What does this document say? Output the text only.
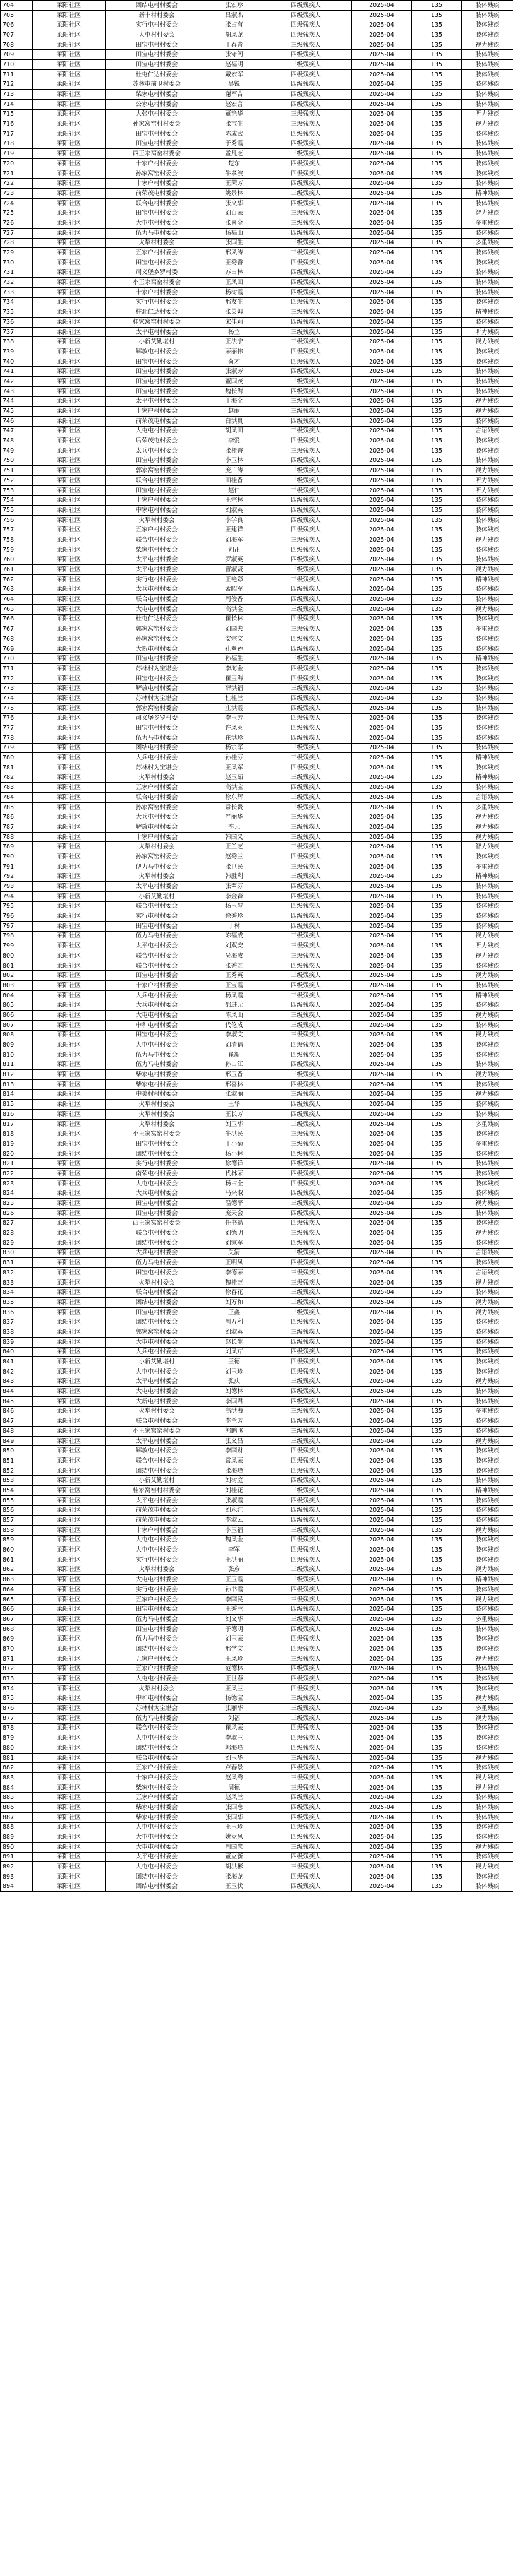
704	莱阳社区	团结屯村村委会	张宏珍	四级残疾人	2025-04	135	肢体残疾
705	莱阳社区	新丰村村委会	吕淑杰	四级残疾人	2025-04	135	肢体残疾
706	莱阳社区	实行屯村村委会	张占有	四级残疾人	2025-04	135	肢体残疾
707	莱阳社区	大屯村村委会	胡凤龙	四级残疾人	2025-04	135	肢体残疾
708	莱阳社区	田宝屯村村委会	于春青	三级残疾人	2025-04	135	视力残疾
709	莱阳社区	田宝屯村村委会	张守阁	四级残疾人	2025-04	135	肢体残疾
710	莱阳社区	田宝屯村村委会	赵福明	三级残疾人	2025-04	135	肢体残疾
711	莱阳社区	杜屯仁达村委会	戴宏军	四级残疾人	2025-04	135	肢体残疾
712	莱阳社区	苏林屯前卫村委会	吴锐	四级残疾人	2025-04	135	肢体残疾
713	莱阳社区	柴家屯村村委会	谢军吉	四级残疾人	2025-04	135	肢体残疾
714	莱阳社区	公家屯村村委会	赵宏言	四级残疾人	2025-04	135	肢体残疾
715	莱阳社区	大张屯村村委会	董艳华	三级残疾人	2025-04	135	听力残疾
716	莱阳社区	孙家窝窑村村委会	张宝生	三级残疾人	2025-04	135	视力残疾
717	莱阳社区	田宝屯村村委会	陈成武	四级残疾人	2025-04	135	肢体残疾
718	莱阳社区	田宝屯村村委会	于秀霞	四级残疾人	2025-04	135	肢体残疾
719	莱阳社区	西王家窝窑村委会	孟凡芝	三级残疾人	2025-04	135	肢体残疾
720	莱阳社区	十家户村村委会	楚东	四级残疾人	2025-04	135	肢体残疾
721	莱阳社区	孙家窝窑村委会	牛孝波	四级残疾人	2025-04	135	肢体残疾
722	莱阳社区	十家户村村委会	王荣芳	四级残疾人	2025-04	135	肢体残疾
723	莱阳社区	前荣茂屯村委会	姚景林	三级残疾人	2025-04	135	精神残疾
724	莱阳社区	联合屯村村委会	张文华	四级残疾人	2025-04	135	肢体残疾
725	莱阳社区	田宝屯村村委会	刘百荣	三级残疾人	2025-04	135	智力残疾
726	莱阳社区	大屯屯村村委会	张喜金	三级残疾人	2025-04	135	多重残疾
727	莱阳社区	伍力马屯村委会	杨福山	四级残疾人	2025-04	135	肢体残疾
728	莱阳社区	火犁村村委会	张国生	三级残疾人	2025-04	135	多重残疾
729	莱阳社区	五家户村村委会	邢风涛	三级残疾人	2025-04	135	肢体残疾
730	莱阳社区	田宝屯村村委会	王秀香	四级残疾人	2025-04	135	肢体残疾
731	莱阳社区	司义堡乡罗村委	苏占林	四级残疾人	2025-04	135	肢体残疾
732	莱阳社区	小王家窝窑村委会	王凤田	四级残疾人	2025-04	135	肢体残疾
733	莱阳社区	十家户村村委会	杨树霞	四级残疾人	2025-04	135	肢体残疾
734	莱阳社区	实行屯村村委会	邢友生	四级残疾人	2025-04	135	肢体残疾
735	莱阳社区	柱北仁达村委会	张英姆	三级残疾人	2025-04	135	精神残疾
736	莱阳社区	桂家窝窑村村委会	宋佳莉	四级残疾人	2025-04	135	肢体残疾
737	莱阳社区	太平屯村村委会	杨立	三级残疾人	2025-04	135	听力残疾
738	莱阳社区	小新艾勤堪村	王法宁	三级残疾人	2025-04	135	视力残疾
739	莱阳社区	解放屯村村委会	荣丽伟	四级残疾人	2025-04	135	肢体残疾
740	莱阳社区	田宝屯村村委会	荷才	四级残疾人	2025-04	135	肢体残疾
741	莱阳社区	田宝屯村村委会	张淑芳	四级残疾人	2025-04	135	肢体残疾
742	莱阳社区	田宝屯村村委会	董国茂	三级残疾人	2025-04	135	肢体残疾
743	莱阳社区	田宝屯村村委会	魏长海	四级残疾人	2025-04	135	肢体残疾
744	莱阳社区	太平屯村村委会	于海全	三级残疾人	2025-04	135	视力残疾
745	莱阳社区	十家户村村委会	赵丽	三级残疾人	2025-04	135	视力残疾
746	莱阳社区	前荣茂屯村委会	白洪贵	四级残疾人	2025-04	135	肢体残疾
747	莱阳社区	大屯屯村村委会	胡凤田	三级残疾人	2025-04	135	言语残疾
748	莱阳社区	后荣茂屯村委会	李爱	四级残疾人	2025-04	135	肢体残疾
749	莱阳社区	太兵屯村村委会	张桂香	三级残疾人	2025-04	135	肢体残疾
750	莱阳社区	田宝屯村村委会	李玉林	四级残疾人	2025-04	135	肢体残疾
751	莱阳社区	郭家窝窑村委会	庞广涛	三级残疾人	2025-04	135	视力残疾
752	莱阳社区	联合屯村村委会	田桂香	三级残疾人	2025-04	135	听力残疾
753	莱阳社区	田宝屯村村委会	赵仁	三级残疾人	2025-04	135	听力残疾
754	莱阳社区	十家户村村委会	王宗林	四级残疾人	2025-04	135	肢体残疾
755	莱阳社区	中家屯村村委会	刘淑英	四级残疾人	2025-04	135	肢体残疾
756	莱阳社区	火犁村村委会	李学良	四级残疾人	2025-04	135	肢体残疾
757	莱阳社区	五家户村村委会	王建祥	四级残疾人	2025-04	135	肢体残疾
758	莱阳社区	联合屯村村委会	刘海军	三级残疾人	2025-04	135	视力残疾
759	莱阳社区	柴家屯村村委会	刘正	四级残疾人	2025-04	135	肢体残疾
760	莱阳社区	太平屯村村委会	罗淑英	四级残疾人	2025-04	135	肢体残疾
761	莱阳社区	太平屯村村委会	曹淑贤	三级残疾人	2025-04	135	视力残疾
762	莱阳社区	实行屯村村委会	王艳彩	三级残疾人	2025-04	135	精神残疾
763	莱阳社区	太兵屯村村委会	孟昭军	四级残疾人	2025-04	135	肢体残疾
764	莱阳社区	联合屯村村委会	周俊香	四级残疾人	2025-04	135	肢体残疾
765	莱阳社区	大屯屯村村委会	高洪全	三级残疾人	2025-04	135	视力残疾
766	莱阳社区	杜屯仁达村委会	崔长林	四级残疾人	2025-04	135	肢体残疾
767	莱阳社区	郭家窝窑村委会	刘国夫	三级残疾人	2025-04	135	多重残疾
768	莱阳社区	孙家窝窑村委会	安宗文	四级残疾人	2025-04	135	肢体残疾
769	莱阳社区	大新屯村村委会	孔翠莲	四级残疾人	2025-04	135	肢体残疾
770	莱阳社区	田宝屯村村委会	孙福生	三级残疾人	2025-04	135	精神残疾
771	莱阳社区	苏林村为宝堪会	李海金	四级残疾人	2025-04	135	肢体残疾
772	莱阳社区	田宝屯村村委会	崔玉海	四级残疾人	2025-04	135	肢体残疾
773	莱阳社区	解放屯村村委会	薛洪福	三级残疾人	2025-04	135	肢体残疾
774	莱阳社区	苏林村为宝堪会	杜桂兰	四级残疾人	2025-04	135	肢体残疾
775	莱阳社区	郭家窝窑村委会	庄洪霞	四级残疾人	2025-04	135	肢体残疾
776	莱阳社区	司义堡乡罗村委	李玉芳	四级残疾人	2025-04	135	肢体残疾
777	莱阳社区	田宝屯村村委会	许凤英	四级残疾人	2025-04	135	肢体残疾
778	莱阳社区	伍力马屯村委会	崔洪珍	四级残疾人	2025-04	135	肢体残疾
779	莱阳社区	团结屯村村委会	杨宗军	三级残疾人	2025-04	135	肢体残疾
780	莱阳社区	大兵屯村村委会	孙桂芬	三级残疾人	2025-04	135	精神残疾
781	莱阳社区	苏林村为宝堪会	王凤军	四级残疾人	2025-04	135	肢体残疾
782	莱阳社区	火犁村村委会	赵玉茹	三级残疾人	2025-04	135	精神残疾
783	莱阳社区	五家户村村委会	高洪宝	四级残疾人	2025-04	135	肢体残疾
784	莱阳社区	联合屯村村委会	徐东辉	三级残疾人	2025-04	135	言语残疾
785	莱阳社区	孙家窝窑村委会	常长贵	三级残疾人	2025-04	135	多重残疾
786	莱阳社区	大兵屯村村委会	严丽华	三级残疾人	2025-04	135	视力残疾
787	莱阳社区	解放屯村村委会	李元	三级残疾人	2025-04	135	视力残疾
788	莱阳社区	十家户村村委会	韩国义	三级残疾人	2025-04	135	视力残疾
789	莱阳社区	火犁村村委会	王兰芝	三级残疾人	2025-04	135	智力残疾
790	莱阳社区	孙家窝窑村委会	赵秀兰	四级残疾人	2025-04	135	肢体残疾
791	莱阳社区	伊力马屯村委会	张世民	三级残疾人	2025-04	135	多重残疾
792	莱阳社区	火犁村村委会	韩胜利	三级残疾人	2025-04	135	精神残疾
793	莱阳社区	太平屯村村委会	张翠芬	四级残疾人	2025-04	135	肢体残疾
794	莱阳社区	小新艾勤堪村	李金森	四级残疾人	2025-04	135	肢体残疾
795	莱阳社区	联合屯村村委会	杨玉琴	四级残疾人	2025-04	135	肢体残疾
796	莱阳社区	实行屯村村委会	徐秀珍	四级残疾人	2025-04	135	肢体残疾
797	莱阳社区	田宝屯村村委会	于林	四级残疾人	2025-04	135	肢体残疾
798	莱阳社区	伍力马屯村委会	陈福成	三级残疾人	2025-04	135	视力残疾
799	莱阳社区	太平屯村村委会	刘双安	三级残疾人	2025-04	135	听力残疾
800	莱阳社区	联合屯村村委会	吴海成	三级残疾人	2025-04	135	视力残疾
801	莱阳社区	联合屯村村委会	张秀芝	四级残疾人	2025-04	135	肢体残疾
802	莱阳社区	田宝屯村村委会	王秀英	三级残疾人	2025-04	135	视力残疾
803	莱阳社区	十家户村村委会	王宝霞	四级残疾人	2025-04	135	肢体残疾
804	莱阳社区	大兵屯村村委会	杨凤霞	三级残疾人	2025-04	135	精神残疾
805	莱阳社区	大兵屯村村委会	邵进元	四级残疾人	2025-04	135	肢体残疾
806	莱阳社区	大屯屯村村委会	陈凤山	三级残疾人	2025-04	135	视力残疾
807	莱阳社区	中和屯村村委会	代伦成	三级残疾人	2025-04	135	肢体残疾
808	莱阳社区	田宝屯村村委会	李淑文	三级残疾人	2025-04	135	视力残疾
809	莱阳社区	大屯屯村村委会	刘清福	四级残疾人	2025-04	135	肢体残疾
810	莱阳社区	伍力马屯村委会	崔新	四级残疾人	2025-04	135	肢体残疾
811	莱阳社区	伍力马屯村委会	孙占江	四级残疾人	2025-04	135	肢体残疾
812	莱阳社区	柴家屯村村委会	邢玉香	三级残疾人	2025-04	135	视力残疾
813	莱阳社区	柴家屯村村委会	邢喜林	四级残疾人	2025-04	135	肢体残疾
814	莱阳社区	中美村村村委会	张淑丽	三级残疾人	2025-04	135	视力残疾
815	莱阳社区	火犁村村委会	王华	四级残疾人	2025-04	135	肢体残疾
816	莱阳社区	火犁村村委会	王长芳	四级残疾人	2025-04	135	肢体残疾
817	莱阳社区	火犁村村委会	刘玉华	三级残疾人	2025-04	135	多重残疾
818	莱阳社区	小王家窝窑村委会	牛洪民	三级残疾人	2025-04	135	肢体残疾
819	莱阳社区	田宝屯村村委会	于小菊	三级残疾人	2025-04	135	多重残疾
820	莱阳社区	团结屯村村委会	杨小林	四级残疾人	2025-04	135	肢体残疾
821	莱阳社区	实行屯村村委会	徐德祥	四级残疾人	2025-04	135	肢体残疾
822	莱阳社区	南荣屯村村委会	代林荣	四级残疾人	2025-04	135	肢体残疾
823	莱阳社区	大屯屯村村委会	杨占全	四级残疾人	2025-04	135	肢体残疾
824	莱阳社区	大兵屯村村委会	马兴淑	四级残疾人	2025-04	135	肢体残疾
825	莱阳社区	田宝屯村村委会	温德平	三级残疾人	2025-04	135	视力残疾
826	莱阳社区	田宝屯村村委会	庞天会	四级残疾人	2025-04	135	肢体残疾
827	莱阳社区	西王家窝窑村委会	任书磊	四级残疾人	2025-04	135	肢体残疾
828	莱阳社区	联合屯村村委会	刘德明	三级残疾人	2025-04	135	视力残疾
829	莱阳社区	团结屯村村委会	刘家军	四级残疾人	2025-04	135	肢体残疾
830	莱阳社区	大兵屯村村委会	关清	三级残疾人	2025-04	135	言语残疾
831	莱阳社区	伍力马屯村委会	王明凤	四级残疾人	2025-04	135	肢体残疾
832	莱阳社区	田宝屯村村委会	李德荣	三级残疾人	2025-04	135	言语残疾
833	莱阳社区	火犁村村委会	魏桂芝	三级残疾人	2025-04	135	视力残疾
834	莱阳社区	联合屯村村委会	徐春花	三级残疾人	2025-04	135	肢体残疾
835	莱阳社区	团结屯村村委会	刘万和	三级残疾人	2025-04	135	视力残疾
836	莱阳社区	田宝屯村村委会	王鑫	三级残疾人	2025-04	135	视力残疾
837	莱阳社区	团结屯村村委会	周万利	四级残疾人	2025-04	135	肢体残疾
838	莱阳社区	郭家窝窑村委会	刘淑英	三级残疾人	2025-04	135	肢体残疾
839	莱阳社区	大屯屯村村委会	赵长生	四级残疾人	2025-04	135	肢体残疾
840	莱阳社区	大兵屯村村委会	刘凤芹	四级残疾人	2025-04	135	肢体残疾
841	莱阳社区	小新艾勤堪村	王德	四级残疾人	2025-04	135	肢体残疾
842	莱阳社区	大屯屯村村委会	刘玉珍	四级残疾人	2025-04	135	肢体残疾
843	莱阳社区	太平屯村村委会	张庆	三级残疾人	2025-04	135	视力残疾
844	莱阳社区	大屯屯村村委会	刘德林	四级残疾人	2025-04	135	肢体残疾
845	莱阳社区	大新屯村村委会	李国君	四级残疾人	2025-04	135	肢体残疾
846	莱阳社区	火犁村村委会	高洪海	三级残疾人	2025-04	135	多重残疾
847	莱阳社区	联合屯村村委会	李兰芳	四级残疾人	2025-04	135	肢体残疾
848	莱阳社区	小王家窝窑村委会	郭鹏飞	三级残疾人	2025-04	135	肢体残疾
849	莱阳社区	太平屯村村委会	张义昌	三级残疾人	2025-04	135	视力残疾
850	莱阳社区	解放屯村村委会	李国财	四级残疾人	2025-04	135	肢体残疾
851	莱阳社区	联合屯村村委会	常凤荣	四级残疾人	2025-04	135	肢体残疾
852	莱阳社区	团结屯村村委会	张海峰	四级残疾人	2025-04	135	肢体残疾
853	莱阳社区	小新艾勤堪村	刘树庭	四级残疾人	2025-04	135	肢体残疾
854	莱阳社区	桂家窝窑村村委会	刘桂花	三级残疾人	2025-04	135	精神残疾
855	莱阳社区	太平屯村村委会	张淑霞	四级残疾人	2025-04	135	肢体残疾
856	莱阳社区	前荣茂屯村委会	刘永红	四级残疾人	2025-04	135	肢体残疾
857	莱阳社区	前荣茂屯村委会	李淑云	四级残疾人	2025-04	135	肢体残疾
858	莱阳社区	十家户村村委会	李玉福	三级残疾人	2025-04	135	视力残疾
859	莱阳社区	大屯屯村村委会	魏凤金	四级残疾人	2025-04	135	肢体残疾
860	莱阳社区	大屯屯村村委会	李军	四级残疾人	2025-04	135	肢体残疾
861	莱阳社区	实行屯村村委会	王洪丽	四级残疾人	2025-04	135	肢体残疾
862	莱阳社区	火犁村村委会	张彦	三级残疾人	2025-04	135	视力残疾
863	莱阳社区	大屯屯村村委会	王玉霞	三级残疾人	2025-04	135	精神残疾
864	莱阳社区	实行屯村村委会	孙书霞	四级残疾人	2025-04	135	肢体残疾
865	莱阳社区	五家户村村委会	李国民	三级残疾人	2025-04	135	视力残疾
866	莱阳社区	田宝屯村村委会	王秀兰	四级残疾人	2025-04	135	肢体残疾
867	莱阳社区	伍力马屯村委会	刘文华	三级残疾人	2025-04	135	多重残疾
868	莱阳社区	田宝屯村村委会	于德明	四级残疾人	2025-04	135	肢体残疾
869	莱阳社区	伍力马屯村委会	刘玉荣	四级残疾人	2025-04	135	肢体残疾
870	莱阳社区	团结屯村村委会	邢学文	四级残疾人	2025-04	135	肢体残疾
871	莱阳社区	五家户村村委会	王凤珍	三级残疾人	2025-04	135	视力残疾
872	莱阳社区	五家户村村委会	范德林	四级残疾人	2025-04	135	肢体残疾
873	莱阳社区	大屯屯村村委会	王世春	四级残疾人	2025-04	135	肢体残疾
874	莱阳社区	火犁村村委会	王凤兰	四级残疾人	2025-04	135	肢体残疾
875	莱阳社区	中和屯村村委会	杨德宝	三级残疾人	2025-04	135	视力残疾
876	莱阳社区	苏林村为宝堪会	张丽华	三级残疾人	2025-04	135	多重残疾
877	莱阳社区	伍力马屯村委会	刘福	三级残疾人	2025-04	135	视力残疾
878	莱阳社区	联合屯村村委会	崔风荣	四级残疾人	2025-04	135	肢体残疾
879	莱阳社区	大屯屯村村委会	李淑兰	四级残疾人	2025-04	135	肢体残疾
880	莱阳社区	团结屯村村委会	郭海峰	四级残疾人	2025-04	135	肢体残疾
881	莱阳社区	联合屯村村委会	刘玉华	三级残疾人	2025-04	135	视力残疾
882	莱阳社区	五家户村村委会	卢春景	四级残疾人	2025-04	135	肢体残疾
883	莱阳社区	十家户村村委会	赵凤秀	三级残疾人	2025-04	135	视力残疾
884	莱阳社区	柴家屯村村委会	周德	三级残疾人	2025-04	135	视力残疾
885	莱阳社区	五家户村村委会	赵凤兰	四级残疾人	2025-04	135	肢体残疾
886	莱阳社区	柴家屯村村委会	张国忠	四级残疾人	2025-04	135	肢体残疾
887	莱阳社区	柴家屯村村委会	张国华	四级残疾人	2025-04	135	肢体残疾
888	莱阳社区	大屯屯村村委会	王玉珍	四级残疾人	2025-04	135	肢体残疾
889	莱阳社区	大屯屯村村委会	姚立凤	四级残疾人	2025-04	135	肢体残疾
890	莱阳社区	大屯屯村村委会	周国忠	三级残疾人	2025-04	135	视力残疾
891	莱阳社区	太平屯村村委会	董立新	四级残疾人	2025-04	135	肢体残疾
892	莱阳社区	大屯屯村村委会	胡洪彬	三级残疾人	2025-04	135	视力残疾
893	莱阳社区	团结屯村村委会	张海龙	四级残疾人	2025-04	135	肢体残疾
894	莱阳社区	团结屯村村委会	王玉伏	四级残疾人	2025-04	135	肢体残疾
